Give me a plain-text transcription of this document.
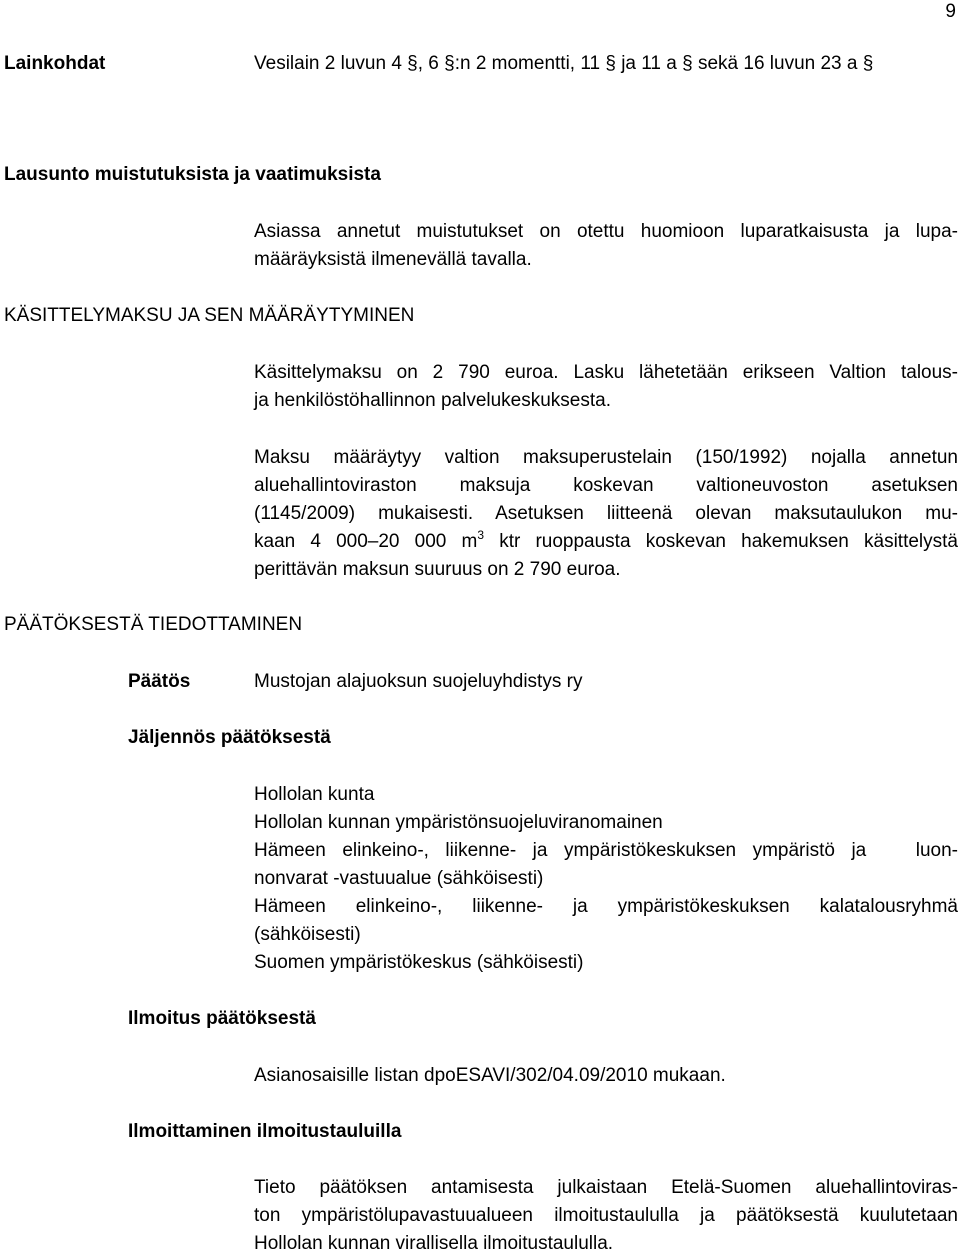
9
Lainkohdat	Vesilain 2 luvun 4 §, 6 §:n 2 momentti, 11 § ja 11 a § sekä 16 luvun 23 a §
Lausunto muistutuksista ja vaatimuksista

Asiassa annetut muistutukset on otettu huomioon luparatkaisusta ja lupa-

määräyksistä ilmenevällä tavalla.

KÄSITTELYMAKSU JA SEN MÄÄRÄYTYMINEN

Käsittelymaksu on 2 790 euroa. Lasku lähetetään erikseen Valtion talous-

ja henkilöstöhallinnon palvelukeskuksesta.

Maksu määräytyy valtion maksuperustelain (150/1992) nojalla annetun

aluehallintoviraston maksuja koskevan valtioneuvoston asetuksen

(1145/2009) mukaisesti. Asetuksen liitteenä olevan maksutaulukon mu-

kaan 4 000–20 000 $m^3$ ktr ruoppausta koskevan hakemuksen käsittelystä

perittävän maksun suuruus on 2 790 euroa.

PÄÄTÖKSESTÄ TIEDOTTAMINEN
Päätös	Mustojan alajuoksun suojeluyhdistys ry
Jäljennös päätöksestä

Hollolan kunta

Hollolan kunnan ympäristönsuojeluviranomainen

Hämeen elinkeino-, liikenne- ja ympäristökeskuksen ympäristö ja   luon-

nonvarat -vastuualue (sähköisesti)

Hämeen elinkeino-, liikenne- ja ympäristökeskuksen kalatalousryhmä

(sähköisesti)

Suomen ympäristökeskus (sähköisesti)

Ilmoitus päätöksestä
Asianosaisille listan dpoESAVI/302/04.09/2010 mukaan.
Ilmoittaminen ilmoitustauluilla

Tieto päätöksen antamisesta julkaistaan Etelä-Suomen aluehallintoviras-

ton ympäristölupavastuualueen ilmoitustaululla ja päätöksestä kuulutetaan

Hollolan kunnan virallisella ilmoitustaululla.
